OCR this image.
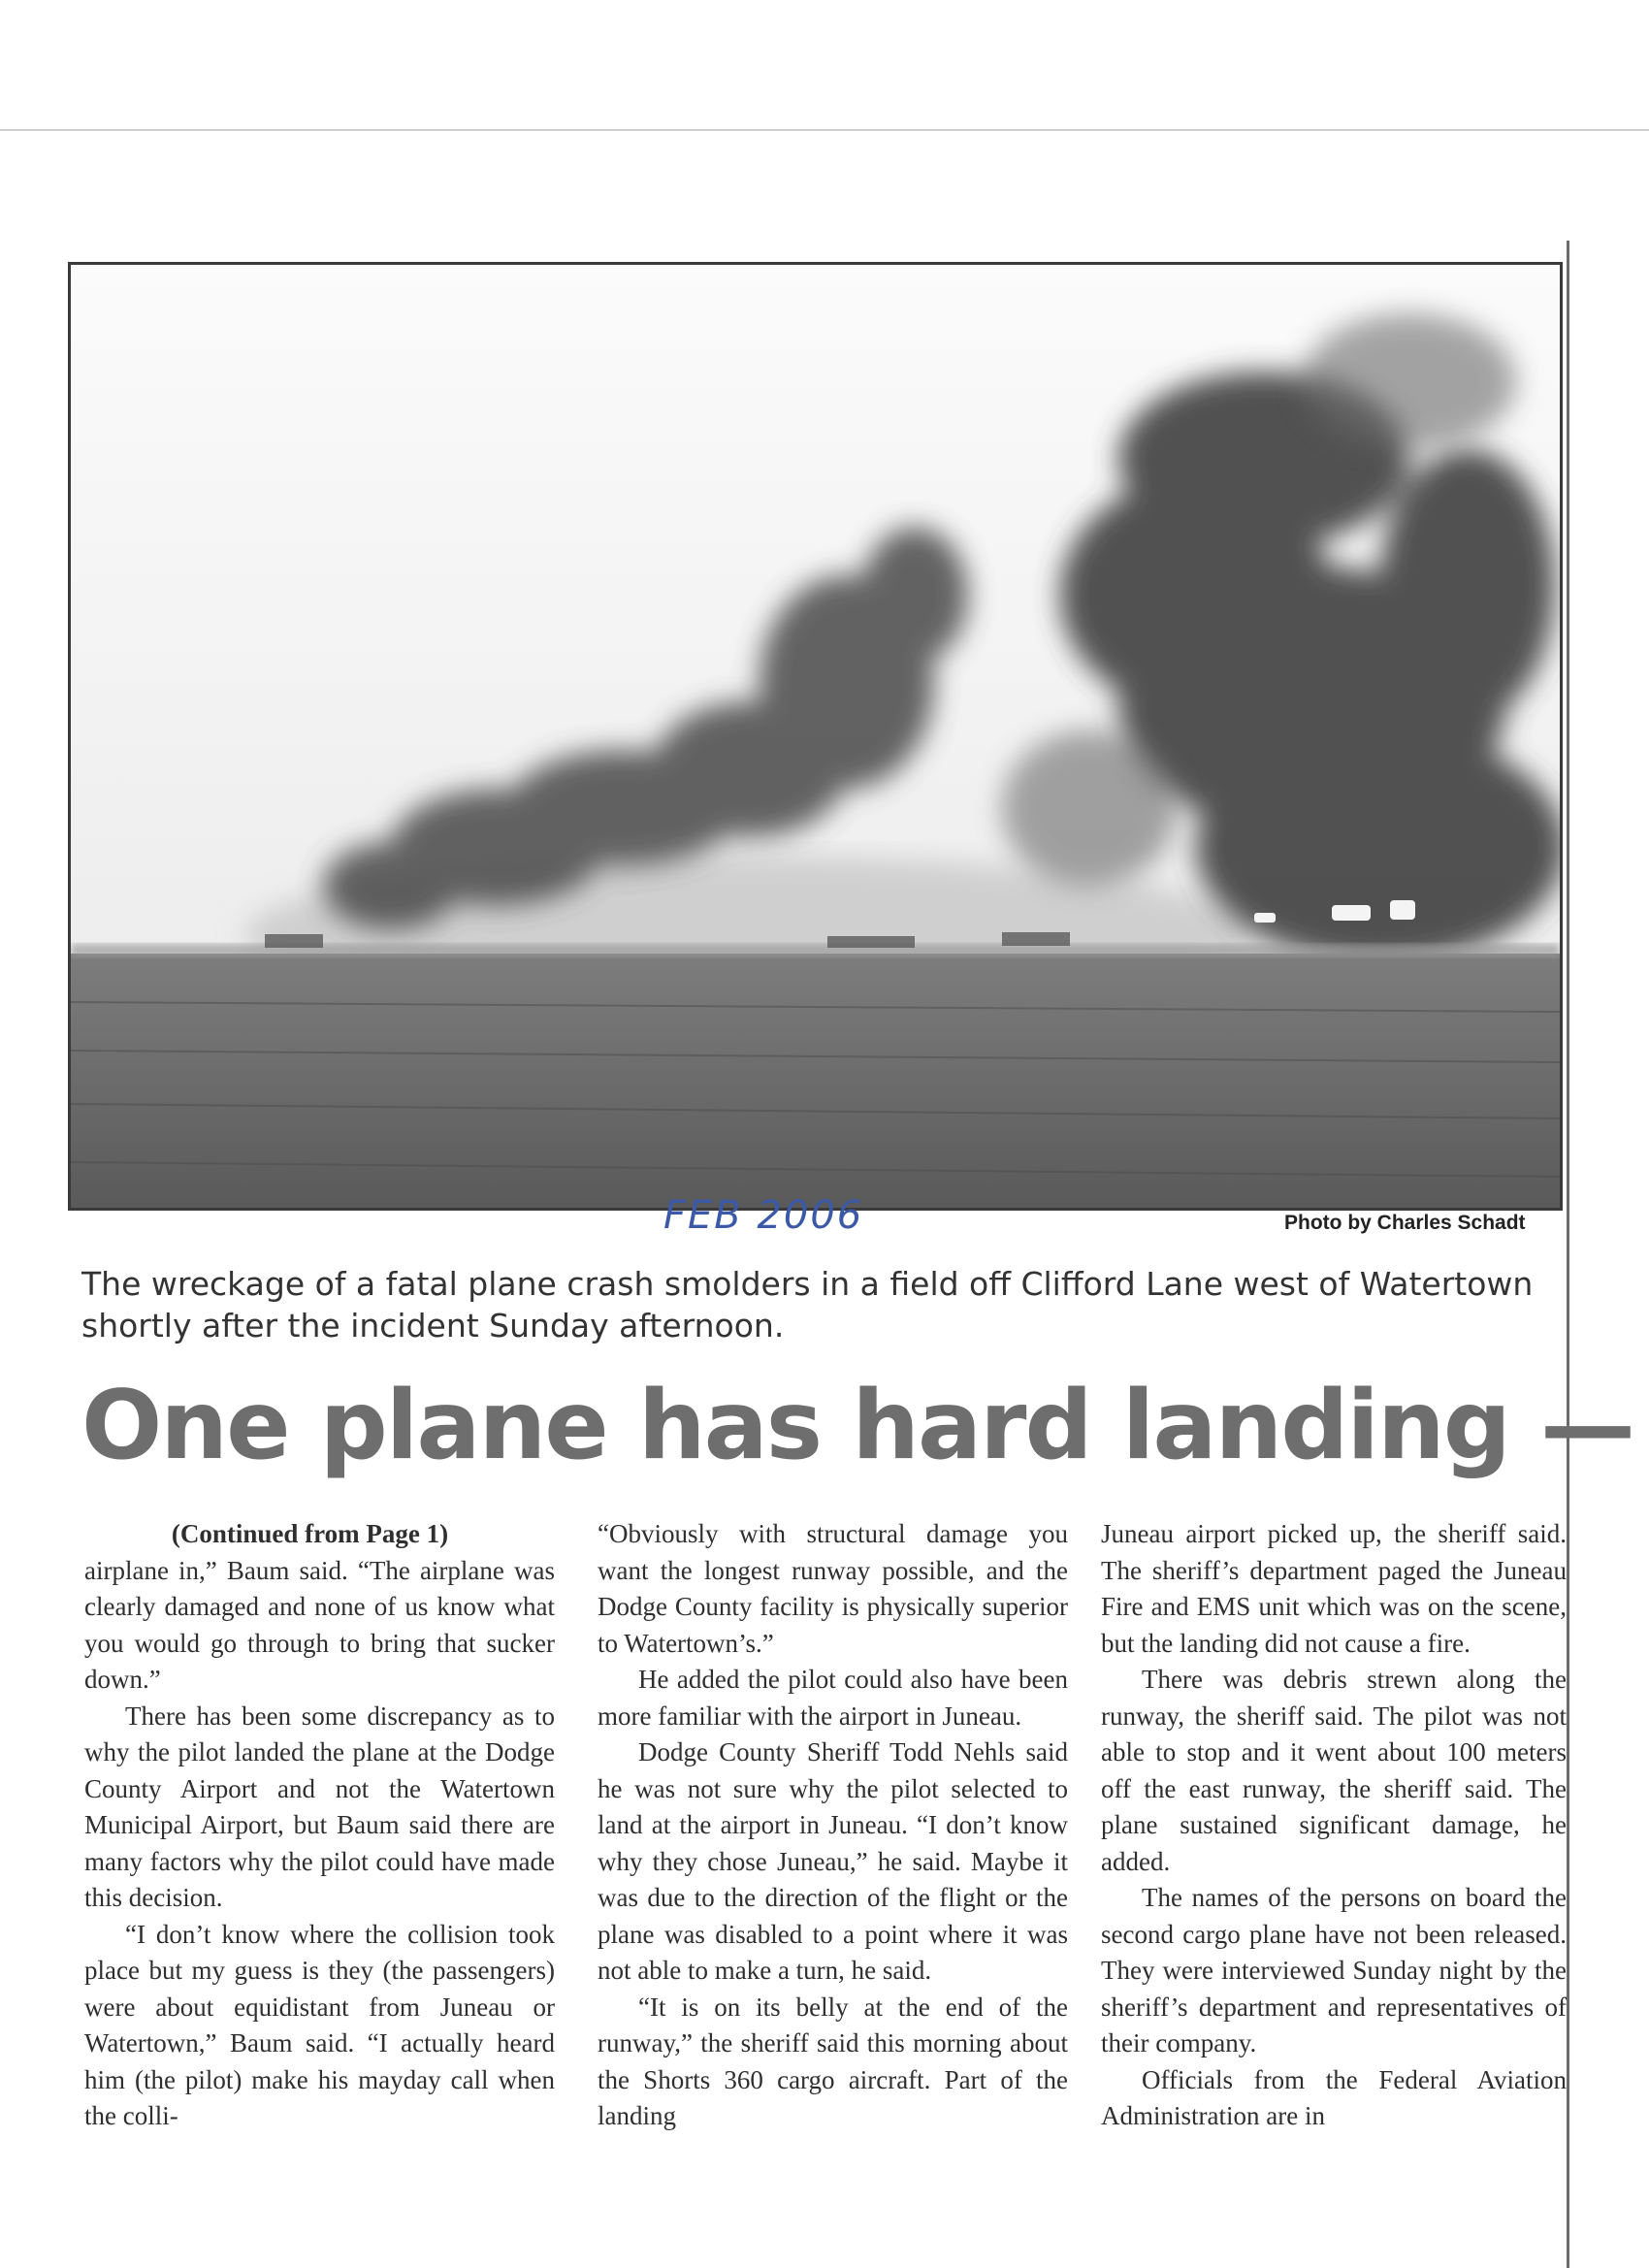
FEB 2006	Photo by Charles Schadt
The wreckage of a fatal plane crash smolders in a field off Clifford Lane west of Watertown shortly after the incident Sunday afternoon.
One plane has hard landing —

(Continued from Page 1)

airplane in,” Baum said. “The airplane was clearly damaged and none of us know what you would go through to bring that sucker down.”

There has been some discrepancy as to why the pilot landed the plane at the Dodge County Airport and not the Watertown Municipal Airport, but Baum said there are many factors why the pilot could have made this decision.

“I don’t know where the collision took place but my guess is they (the passengers) were about equidistant from Juneau or Watertown,” Baum said. “I actually heard him (the pilot) make his mayday call when the colli-

“Obviously with structural damage you want the longest runway possible, and the Dodge County facility is physically superior to Watertown’s.”

He added the pilot could also have been more familiar with the airport in Juneau.

Dodge County Sheriff Todd Nehls said he was not sure why the pilot selected to land at the airport in Juneau. “I don’t know why they chose Juneau,” he said. Maybe it was due to the direction of the flight or the plane was disabled to a point where it was not able to make a turn, he said.

“It is on its belly at the end of the runway,” the sheriff said this morning about the Shorts 360 cargo aircraft. Part of the landing

Juneau airport picked up, the sheriff said. The sheriff’s department paged the Juneau Fire and EMS unit which was on the scene, but the landing did not cause a fire.

There was debris strewn along the runway, the sheriff said. The pilot was not able to stop and it went about 100 meters off the east runway, the sheriff said. The plane sustained significant damage, he added.

The names of the persons on board the second cargo plane have not been released. They were interviewed Sunday night by the sheriff’s department and representatives of their company.

Officials from the Federal Aviation Administration are in
